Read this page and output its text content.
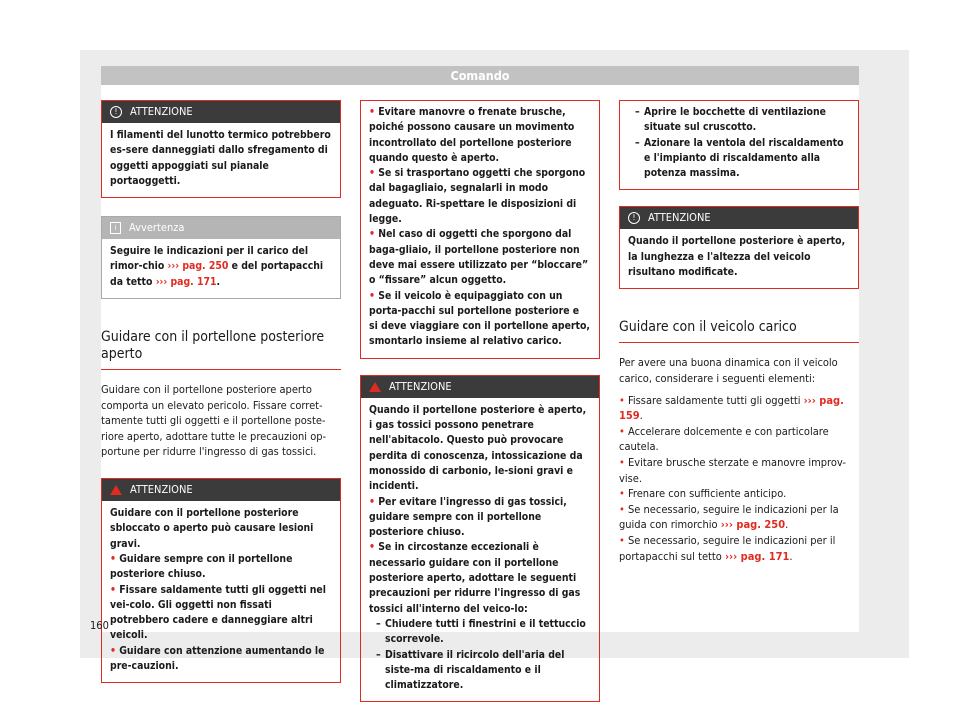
Comando
!	ATTENZIONE
I filamenti del lunotto termico potrebbero es-sere danneggiati dallo sfregamento di oggetti appoggiati sul pianale portaoggetti.
i	Avvertenza
Seguire le indicazioni per il carico del rimor-chio ››› pag. 250 e del portapacchi da tetto ››› pag. 171.
Guidare con il portellone posteriore aperto
Guidare con il portellone posteriore aperto comporta un elevato pericolo. Fissare corret-tamente tutti gli oggetti e il portellone poste-riore aperto, adottare tutte le precauzioni op-portune per ridurre l'ingresso di gas tossici.
ATTENZIONE
Guidare con il portellone posteriore sbloccato o aperto può causare lesioni gravi.
• Guidare sempre con il portellone posteriore chiuso.
• Fissare saldamente tutti gli oggetti nel vei-colo. Gli oggetti non fissati potrebbero cadere e danneggiare altri veicoli.
• Guidare con attenzione aumentando le pre-cauzioni.
• Evitare manovre o frenate brusche, poiché possono causare un movimento incontrollato del portellone posteriore quando questo è aperto.
• Se si trasportano oggetti che sporgono dal bagagliaio, segnalarli in modo adeguato. Ri-spettare le disposizioni di legge.
• Nel caso di oggetti che sporgono dal baga-gliaio, il portellone posteriore non deve mai essere utilizzato per “bloccare” o “fissare” alcun oggetto.
• Se il veicolo è equipaggiato con un porta-pacchi sul portellone posteriore e si deve viaggiare con il portellone aperto, smontarlo insieme al relativo carico.
ATTENZIONE
Quando il portellone posteriore è aperto, i gas tossici possono penetrare nell'abitacolo. Questo può provocare perdita di conoscenza, intossicazione da monossido di carbonio, le-sioni gravi e incidenti.
• Per evitare l'ingresso di gas tossici, guidare sempre con il portellone posteriore chiuso.
• Se in circostanze eccezionali è necessario guidare con il portellone posteriore aperto, adottare le seguenti precauzioni per ridurre l'ingresso di gas tossici all'interno del veico-lo:
– Chiudere tutti i finestrini e il tettuccio scorrevole.
– Disattivare il ricircolo dell'aria del siste-ma di riscaldamento e il climatizzatore.
– Aprire le bocchette di ventilazione situate sul cruscotto.
– Azionare la ventola del riscaldamento e l'impianto di riscaldamento alla potenza massima.
!	ATTENZIONE
Quando il portellone posteriore è aperto, la lunghezza e l'altezza del veicolo risultano modificate.
Guidare con il veicolo carico
Per avere una buona dinamica con il veicolo carico, considerare i seguenti elementi:
• Fissare saldamente tutti gli oggetti ››› pag. 159.
• Accelerare dolcemente e con particolare cautela.
• Evitare brusche sterzate e manovre improv-vise.
• Frenare con sufficiente anticipo.
• Se necessario, seguire le indicazioni per la guida con rimorchio ››› pag. 250.
• Se necessario, seguire le indicazioni per il portapacchi sul tetto ››› pag. 171.
160
